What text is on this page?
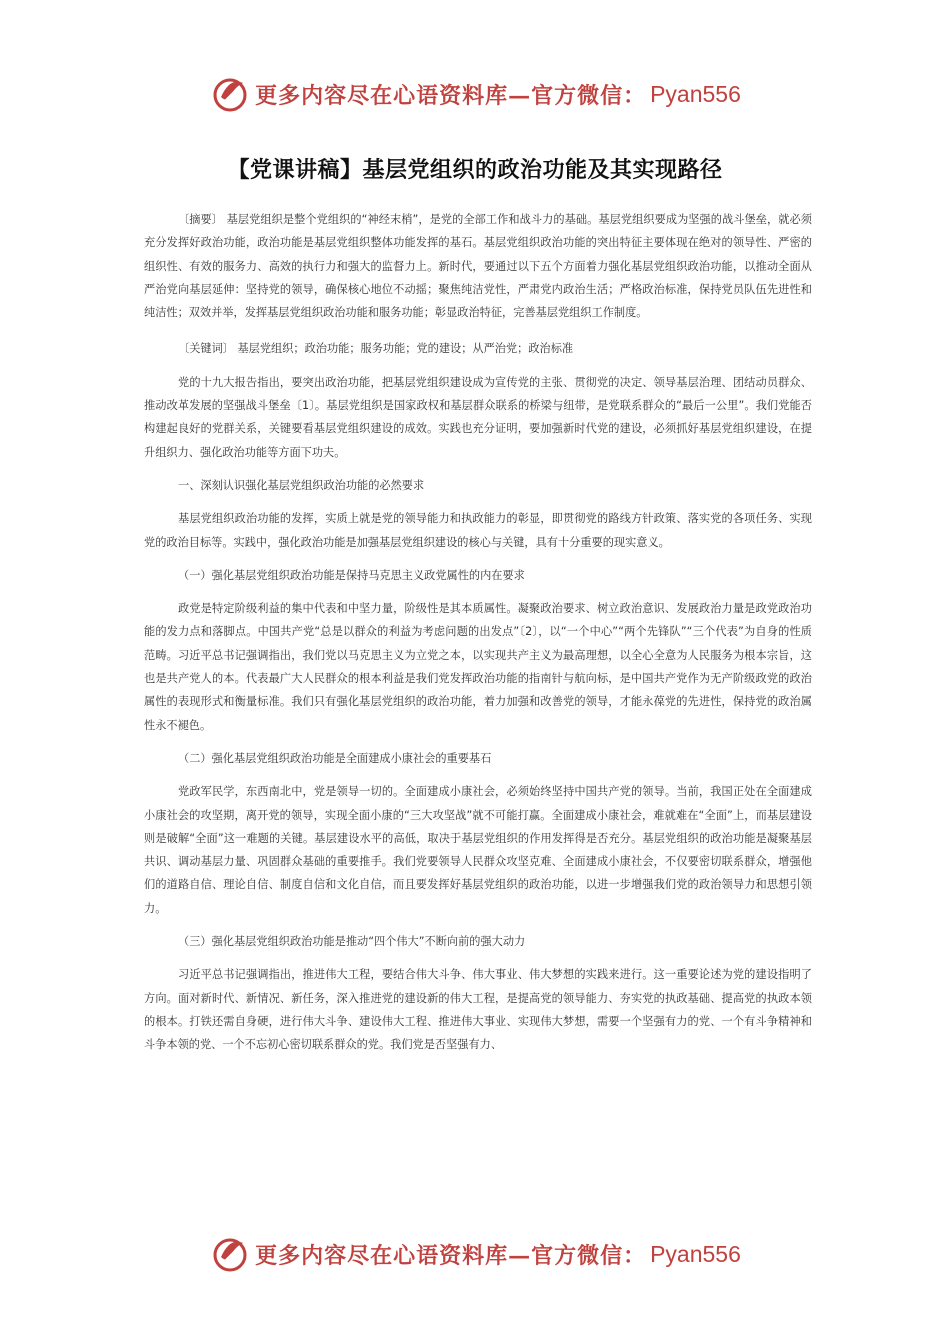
更多内容尽在心语资料库—官方微信： Pyan556
【党课讲稿】基层党组织的政治功能及其实现路径

〔摘要〕 基层党组织是整个党组织的“神经末梢”，是党的全部工作和战斗力的基础。基层党组织要成为坚强的战斗堡垒，就必须充分发挥好政治功能，政治功能是基层党组织整体功能发挥的基石。基层党组织政治功能的突出特征主要体现在绝对的领导性、严密的组织性、有效的服务力、高效的执行力和强大的监督力上。新时代，要通过以下五个方面着力强化基层党组织政治功能，以推动全面从严治党向基层延伸：坚持党的领导，确保核心地位不动摇；聚焦纯洁党性，严肃党内政治生活；严格政治标准，保持党员队伍先进性和纯洁性；双效并举，发挥基层党组织政治功能和服务功能；彰显政治特征，完善基层党组织工作制度。

〔关键词〕 基层党组织；政治功能；服务功能；党的建设；从严治党；政治标准

党的十九大报告指出，要突出政治功能，把基层党组织建设成为宣传党的主张、贯彻党的决定、领导基层治理、团结动员群众、推动改革发展的坚强战斗堡垒〔1〕。基层党组织是国家政权和基层群众联系的桥梁与纽带，是党联系群众的“最后一公里”。我们党能否构建起良好的党群关系，关键要看基层党组织建设的成效。实践也充分证明，要加强新时代党的建设，必须抓好基层党组织建设，在提升组织力、强化政治功能等方面下功夫。

一、深刻认识强化基层党组织政治功能的必然要求

基层党组织政治功能的发挥，实质上就是党的领导能力和执政能力的彰显，即贯彻党的路线方针政策、落实党的各项任务、实现党的政治目标等。实践中，强化政治功能是加强基层党组织建设的核心与关键，具有十分重要的现实意义。

（一）强化基层党组织政治功能是保持马克思主义政党属性的内在要求

政党是特定阶级利益的集中代表和中坚力量，阶级性是其本质属性。凝聚政治要求、树立政治意识、发展政治力量是政党政治功能的发力点和落脚点。中国共产党“总是以群众的利益为考虑问题的出发点”〔2〕，以“一个中心”“两个先锋队”“三个代表”为自身的性质范畴。习近平总书记强调指出，我们党以马克思主义为立党之本，以实现共产主义为最高理想，以全心全意为人民服务为根本宗旨，这也是共产党人的本。代表最广大人民群众的根本利益是我们党发挥政治功能的指南针与航向标，是中国共产党作为无产阶级政党的政治属性的表现形式和衡量标准。我们只有强化基层党组织的政治功能，着力加强和改善党的领导，才能永葆党的先进性，保持党的政治属性永不褪色。

（二）强化基层党组织政治功能是全面建成小康社会的重要基石

党政军民学，东西南北中，党是领导一切的。全面建成小康社会，必须始终坚持中国共产党的领导。当前，我国正处在全面建成小康社会的攻坚期，离开党的领导，实现全面小康的“三大攻坚战”就不可能打赢。全面建成小康社会，难就难在“全面”上，而基层建设则是破解“全面”这一难题的关键。基层建设水平的高低，取决于基层党组织的作用发挥得是否充分。基层党组织的政治功能是凝聚基层共识、调动基层力量、巩固群众基础的重要推手。我们党要领导人民群众攻坚克难、全面建成小康社会，不仅要密切联系群众，增强他们的道路自信、理论自信、制度自信和文化自信，而且要发挥好基层党组织的政治功能，以进一步增强我们党的政治领导力和思想引领力。

（三）强化基层党组织政治功能是推动“四个伟大”不断向前的强大动力

习近平总书记强调指出，推进伟大工程，要结合伟大斗争、伟大事业、伟大梦想的实践来进行。这一重要论述为党的建设指明了方向。面对新时代、新情况、新任务，深入推进党的建设新的伟大工程，是提高党的领导能力、夯实党的执政基础、提高党的执政本领的根本。打铁还需自身硬，进行伟大斗争、建设伟大工程、推进伟大事业、实现伟大梦想，需要一个坚强有力的党、一个有斗争精神和斗争本领的党、一个不忘初心密切联系群众的党。我们党是否坚强有力、

更多内容尽在心语资料库—官方微信： Pyan556
